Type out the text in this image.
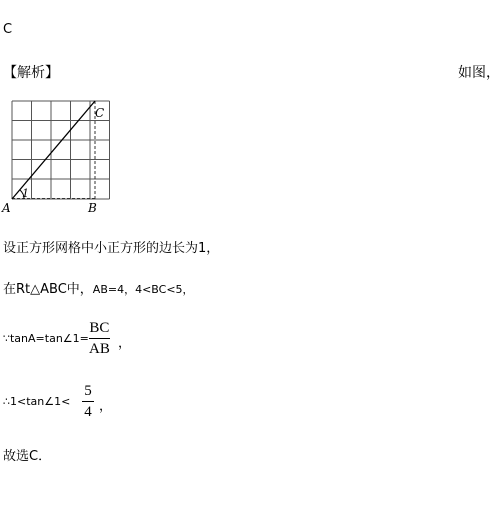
C
【解析】	如图，
A	B
C
1
设正方形网格中小正方形的边长为1，
在Rt△ABC中，AB=4，4<BC<5，
∵tanA=tan∠1=
BC
AB ，
∴1<tan∠1<
5
4 ，
故选C．
